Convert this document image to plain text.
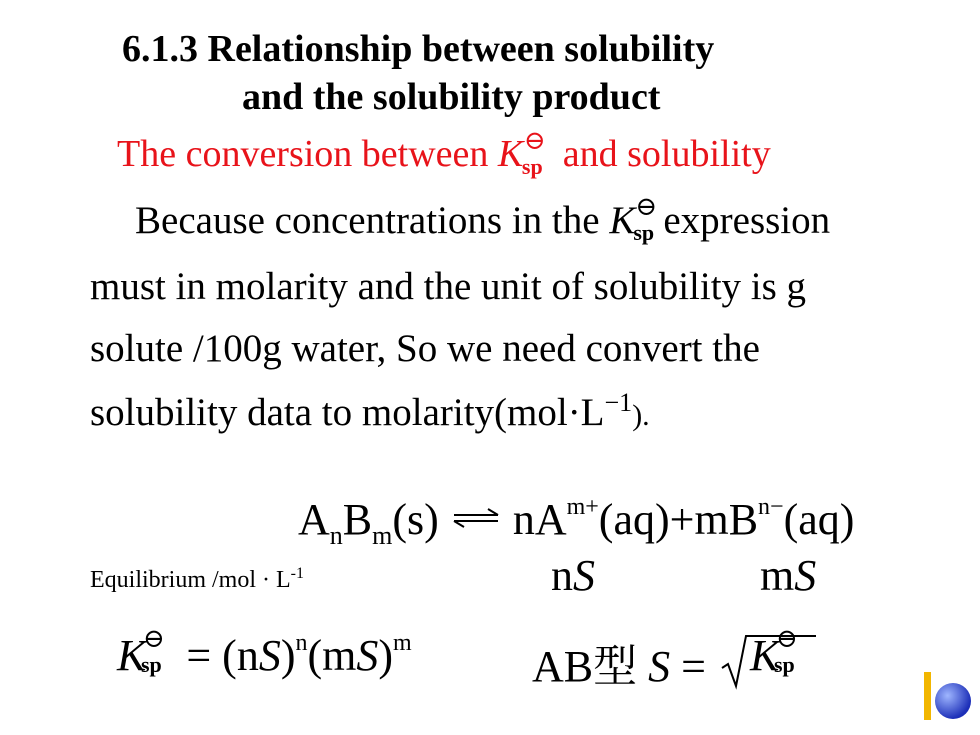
6.1.3 Relationship between solubility
and the solubility product
The conversion between K ⊖
sp and solubility
Because concentrations in the K ⊖
sp expression
must in molarity and the unit of solubility is g
solute /100g water, So we need convert the
solubility data to $molarity(mol\cdot L^{-1})$.
$A_nB_m(s)$ ⇌ $nA^{m+}(aq)+mB^{n-}(aq)$
Equilibrium $/mol \cdot L^{-1}$	nS	mS
K
⊖
sp = (nS)$^n$(mS)$^m$	AB型 S =	K
⊖
sp
